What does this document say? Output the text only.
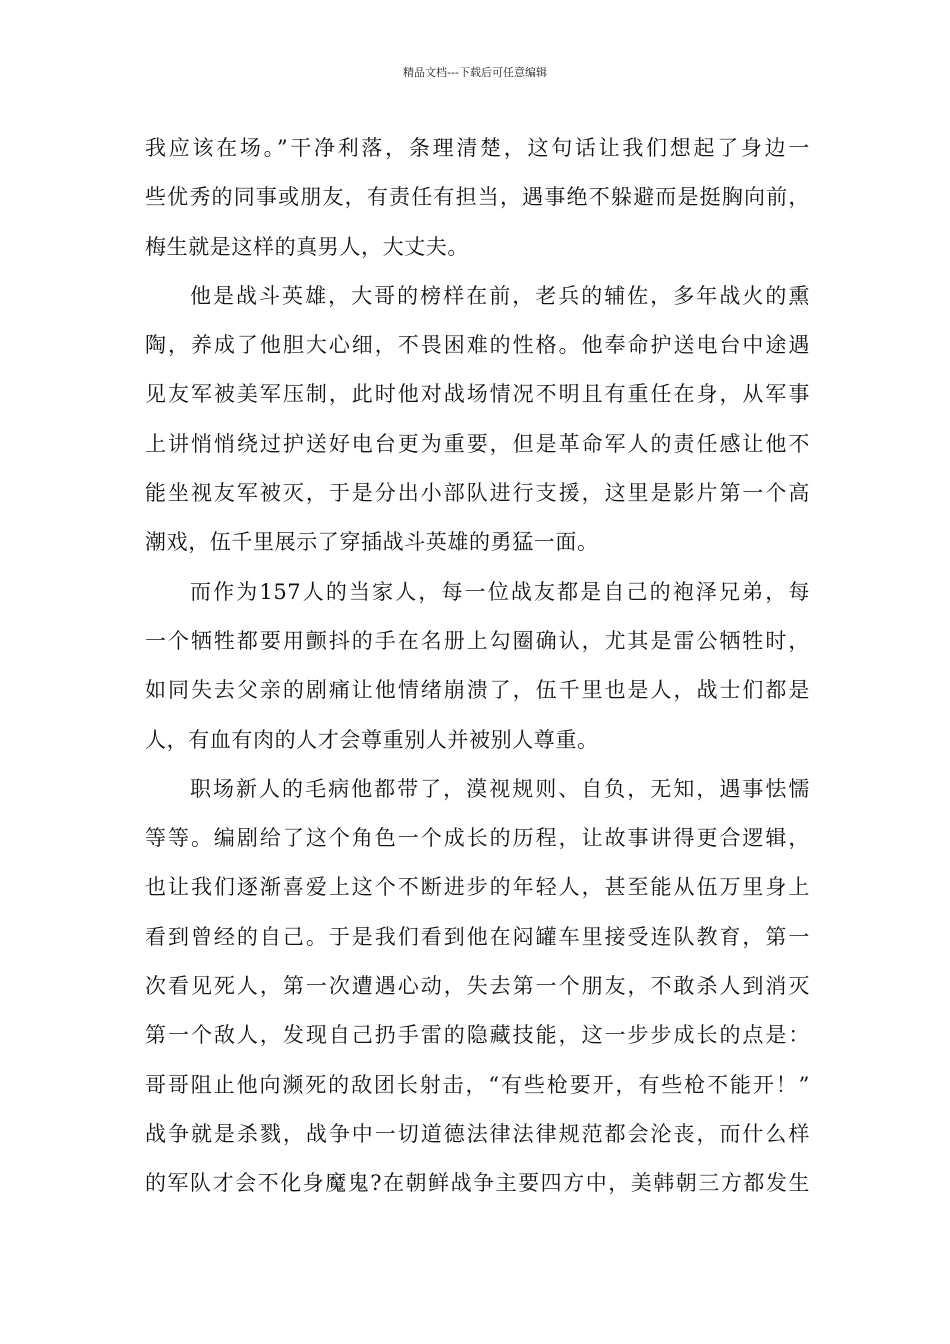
精品文档---下载后可任意编辑
我应该在场。”干净利落，条理清楚，这句话让我们想起了身边一
些优秀的同事或朋友，有责任有担当，遇事绝不躲避而是挺胸向前，
梅生就是这样的真男人，大丈夫。
他是战斗英雄，大哥的榜样在前，老兵的辅佐，多年战火的熏
陶，养成了他胆大心细，不畏困难的性格。他奉命护送电台中途遇
见友军被美军压制，此时他对战场情况不明且有重任在身，从军事
上讲悄悄绕过护送好电台更为重要，但是革命军人的责任感让他不
能坐视友军被灭，于是分出小部队进行支援，这里是影片第一个高
潮戏，伍千里展示了穿插战斗英雄的勇猛一面。
而作为157人的当家人，每一位战友都是自己的袍泽兄弟，每
一个牺牲都要用颤抖的手在名册上勾圈确认，尤其是雷公牺牲时，
如同失去父亲的剧痛让他情绪崩溃了，伍千里也是人，战士们都是
人，有血有肉的人才会尊重别人并被别人尊重。
职场新人的毛病他都带了，漠视规则、自负，无知，遇事怯懦
等等。编剧给了这个角色一个成长的历程，让故事讲得更合逻辑，
也让我们逐渐喜爱上这个不断进步的年轻人，甚至能从伍万里身上
看到曾经的自己。于是我们看到他在闷罐车里接受连队教育，第一
次看见死人，第一次遭遇心动，失去第一个朋友，不敢杀人到消灭
第一个敌人，发现自己扔手雷的隐藏技能，这一步步成长的点是：
哥哥阻止他向濒死的敌团长射击，“有些枪要开，有些枪不能开！”
战争就是杀戮，战争中一切道德法律法律规范都会沦丧，而什么样
的军队才会不化身魔鬼?在朝鲜战争主要四方中，美韩朝三方都发生
